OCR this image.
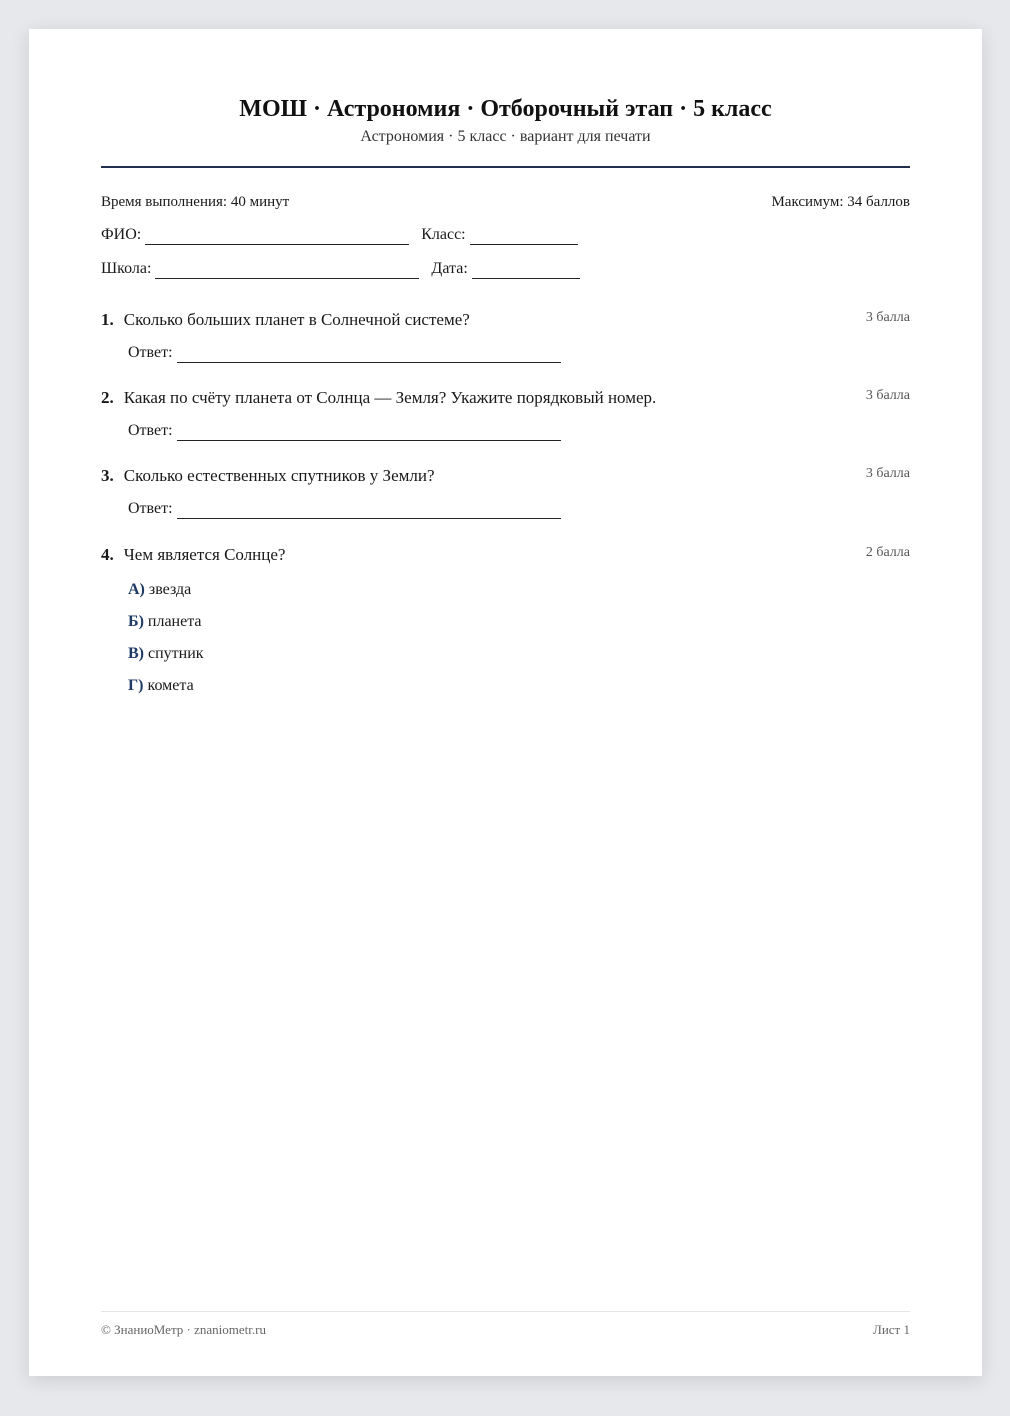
МОШ · Астрономия · Отборочный этап · 5 класс
Астрономия · 5 класс · вариант для печати
Время выполнения: 40 минут	Максимум: 34 баллов
ФИО:	Класс:
Школа:	Дата:
1. Сколько больших планет в Солнечной системе?	3 балла
Ответ:
2. Какая по счёту планета от Солнца — Земля? Укажите порядковый номер.	3 балла
Ответ:
3. Сколько естественных спутников у Земли?	3 балла
Ответ:
4. Чем является Солнце?	2 балла
А) звезда
Б) планета
В) спутник
Г) комета
© ЗнаниоМетр · znaniometr.ru	Лист 1
